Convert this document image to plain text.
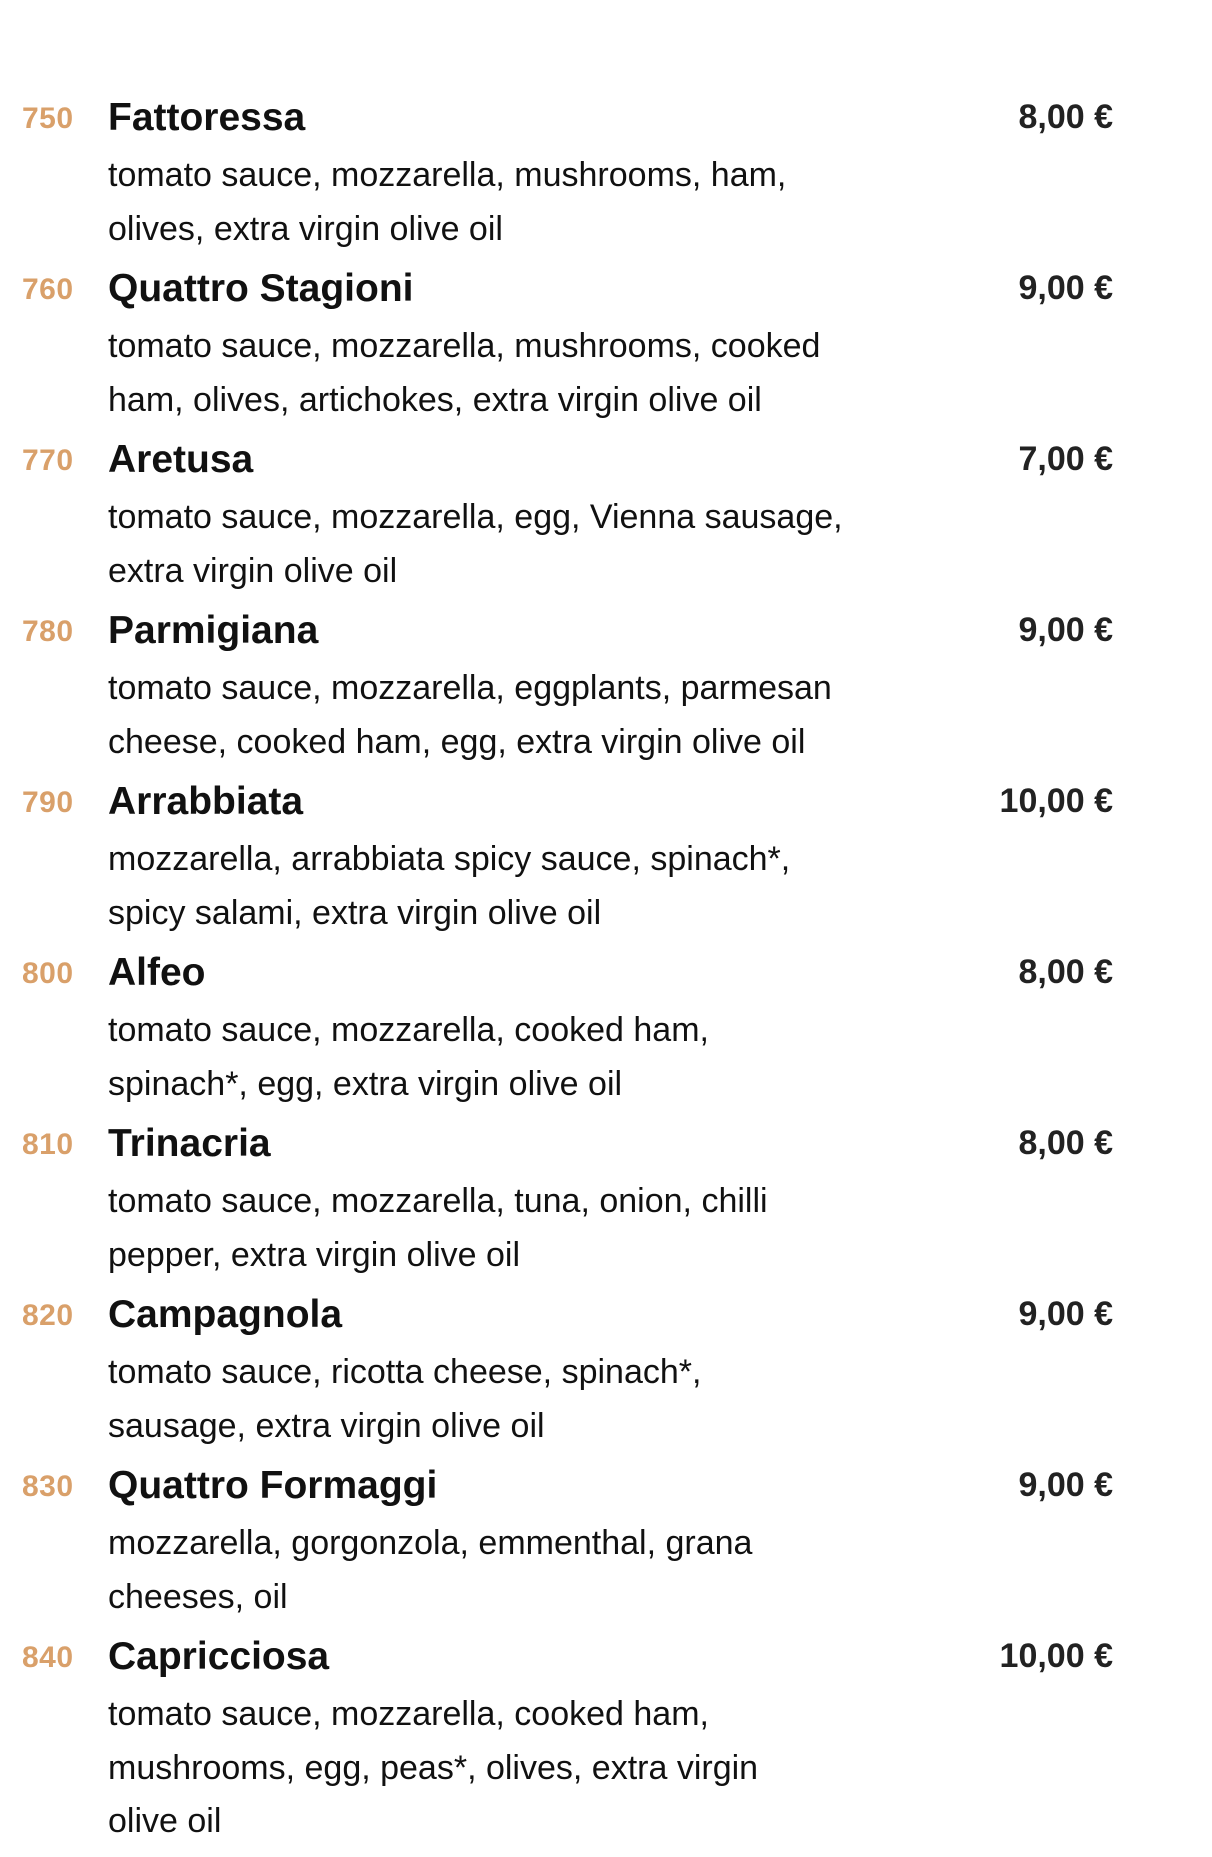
750 Fattoressa	8,00 €
tomato sauce, mozzarella, mushrooms, ham,
olives, extra virgin olive oil
760 Quattro Stagioni	9,00 €
tomato sauce, mozzarella, mushrooms, cooked
ham, olives, artichokes, extra virgin olive oil
770 Aretusa	7,00 €
tomato sauce, mozzarella, egg, Vienna sausage,
extra virgin olive oil
780 Parmigiana	9,00 €
tomato sauce, mozzarella, eggplants, parmesan
cheese, cooked ham, egg, extra virgin olive oil
790 Arrabbiata	10,00 €
mozzarella, arrabbiata spicy sauce, spinach*,
spicy salami, extra virgin olive oil
800 Alfeo	8,00 €
tomato sauce, mozzarella, cooked ham,
spinach*, egg, extra virgin olive oil
810 Trinacria	8,00 €
tomato sauce, mozzarella, tuna, onion, chilli
pepper, extra virgin olive oil
820 Campagnola	9,00 €
tomato sauce, ricotta cheese, spinach*,
sausage, extra virgin olive oil
830 Quattro Formaggi	9,00 €
mozzarella, gorgonzola, emmenthal, grana
cheeses, oil
840 Capricciosa	10,00 €
tomato sauce, mozzarella, cooked ham,
mushrooms, egg, peas*, olives, extra virgin
olive oil
